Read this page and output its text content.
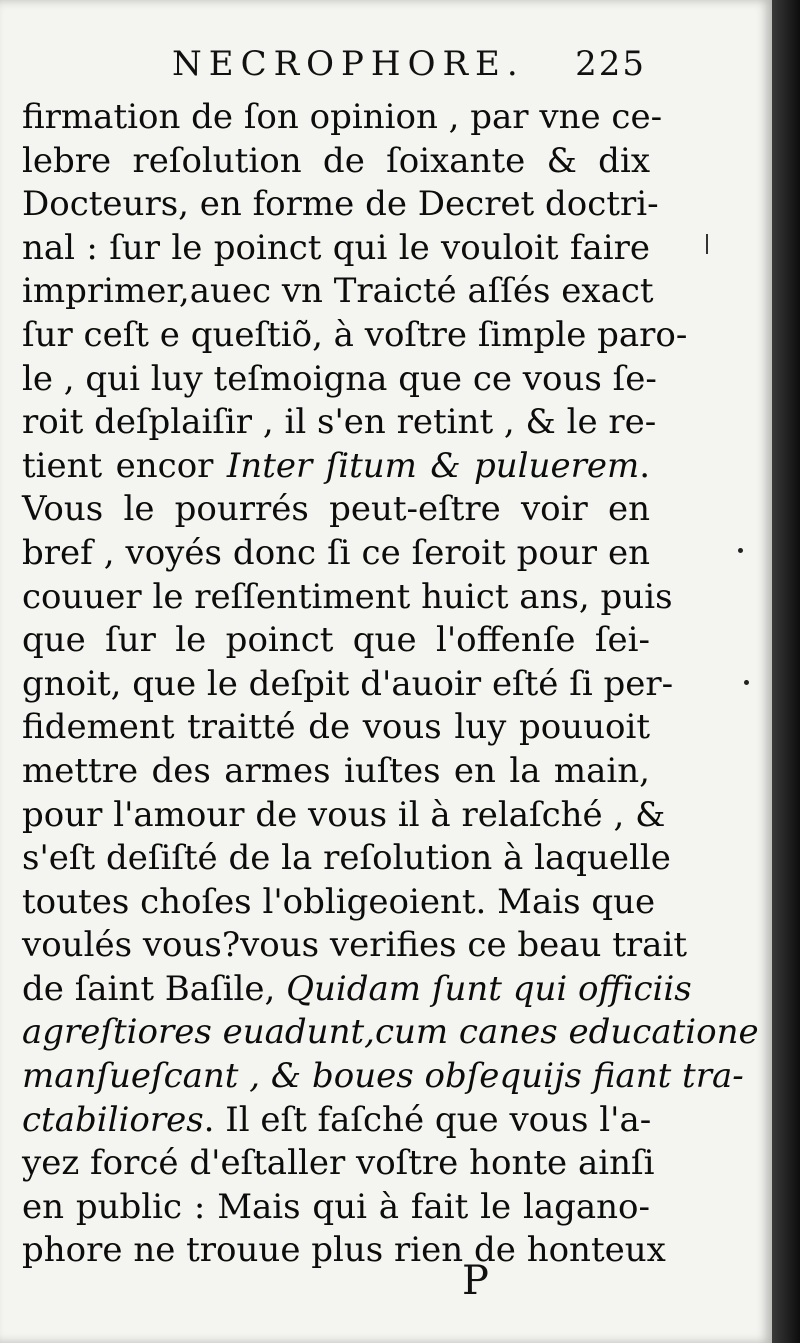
NECROPHORE. 225
firmation de ſon opinion , par vne ce-
lebre reſolution de ſoixante & dix
Docteurs, en forme de Decret doctri-
nal : ſur le poinct qui le vouloit faire
imprimer,auec vn Traicté aſſés exact
ſur ceſt e queſtiõ, à voſtre ſimple paro-
le , qui luy teſmoigna que ce vous ſe-
roit deſplaiſir , il s'en retint , & le re-
tient encor Inter ſitum & puluerem.
Vous le pourrés peut-eſtre voir en
bref , voyés donc ſi ce ſeroit pour en
couuer le reſſentiment huict ans, puis
que ſur le poinct que l'offenſe ſei-
gnoit, que le deſpit d'auoir eſté ſi per-
fidement traitté de vous luy pouuoit
mettre des armes iuſtes en la main,
pour l'amour de vous il à relaſché , &
s'eſt deſiſté de la reſolution à laquelle
toutes choſes l'obligeoient. Mais que
voulés vous?vous verifies ce beau trait
de ſaint Baſile, Quidam ſunt qui officiis
agreſtiores euadunt,cum canes educatione
manſueſcant , & boues obſequijs fiant tra-
ctabiliores. Il eſt faſché que vous l'a-
yez forcé d'eſtaller voſtre honte ainſi
en public : Mais qui à fait le lagano-
phore ne trouue plus rien de honteux
P
